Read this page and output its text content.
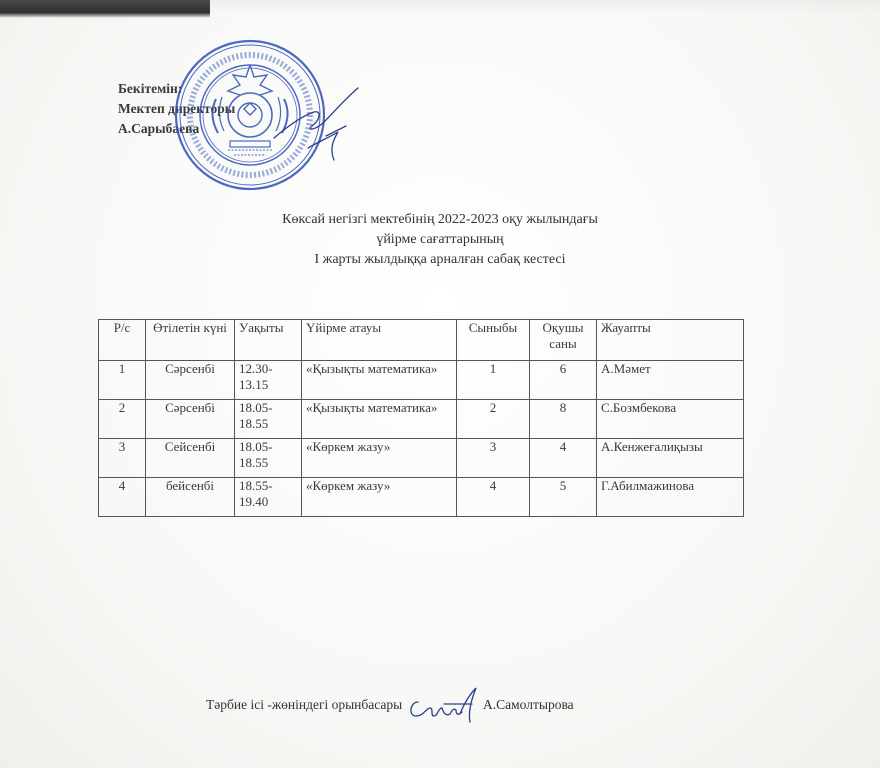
Бекітемін:
Мектеп директоры
А.Сарыбаева
Көксай негізгі мектебінің 2022-2023 оқу жылындағы
үйірме сағаттарының
І жарты жылдыққа арналған сабақ кестесі
Р/с	Өтілетін күні	Уақыты	Үйірме атауы	Сыныбы	Оқушы саны	Жауапты
1	Сәрсенбі	12.30-13.15	«Қызықты математика»	1	6	А.Мәмет
2	Сәрсенбі	18.05-18.55	«Қызықты математика»	2	8	С.Бозмбекова
3	Сейсенбі	18.05-18.55	«Көркем жазу»	3	4	А.Кенжеғалиқызы
4	бейсенбі	18.55-19.40	«Көркем жазу»	4	5	Г.Абилмажинова
Тәрбие ісі -жөніндегі орынбасары	А.Самолтырова
